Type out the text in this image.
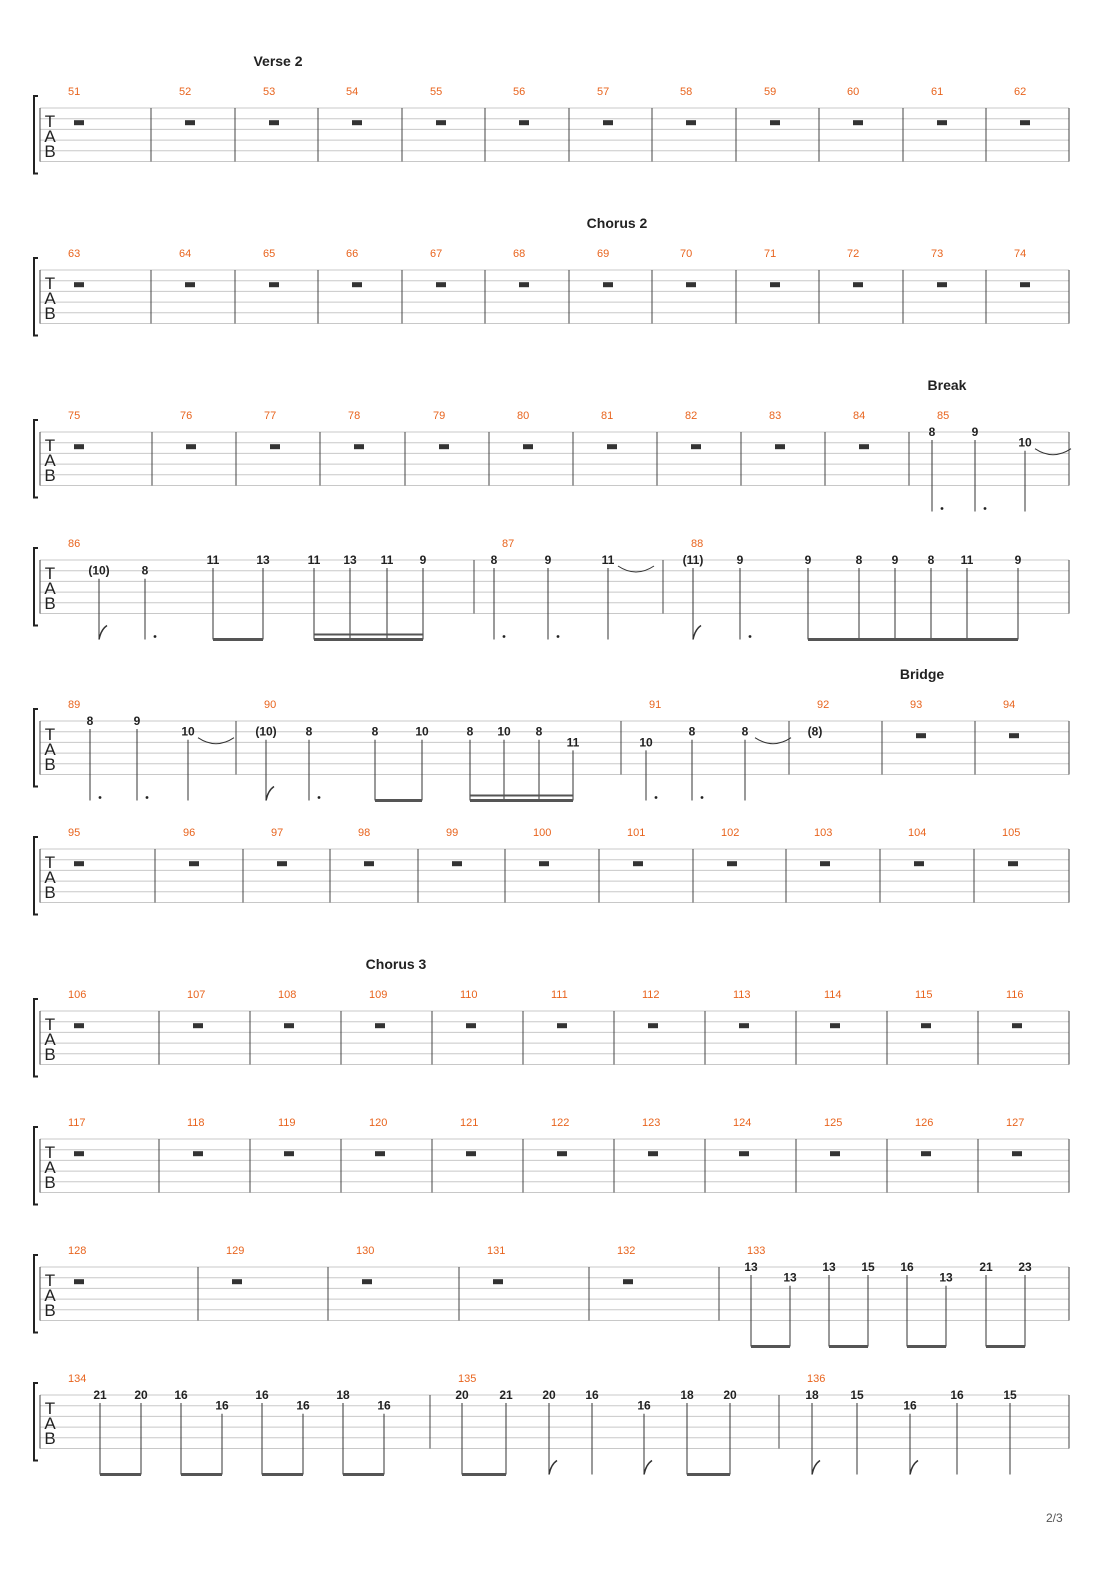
Verse 2
T
A
B
51	52	53	54	55	56	57	58	59	60	61	62
Chorus 2
T
A
B
63	64	65	66	67	68	69	70	71	72	73	74
Break
T
A
B
75	76	77	78	79	80	81	82	83	84	85
8	9
10
T
A
B
86
(10)	8
11	13	11 13 11 9
87
8	9	11
88
(11)	9	9	8 9 8 11	9
Bridge
T
A
B
89
8	9
10
90
(10) 8	8	10	8 10 8
11
91
10
8	8
92
(8)
93	94
T
A
B
95	96	97	98	99	100	101	102	103	104	105
Chorus 3
T
A
B
106	107	108	109	110	111	112	113	114	115	116
T
A
B
117	118	119	120	121	122	123	124	125	126	127
T
A
B
128	129	130	131	132	133
13
13
13 15 16
13
21 23
T
A
B
134
21 20 16
16
16
16
18
16
135
20	21 20 16
16
18 20
136
18	15
16
16	15
2/3
